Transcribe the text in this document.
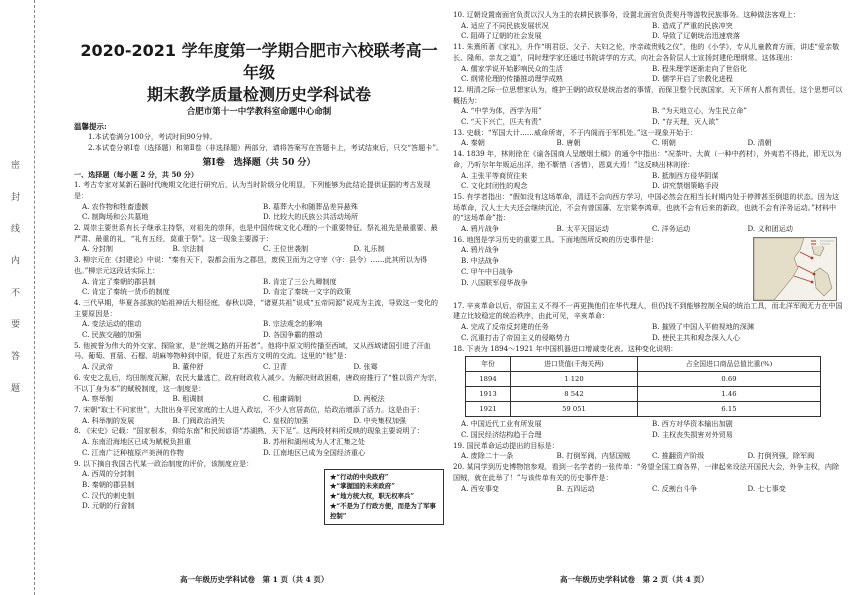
密 封 线 内 不 要 答 题
2020-2021 学年度第一学期合肥市六校联考高一年级
期末教学质量检测历史学科试卷
合肥市第十一中学教科室命题中心命制
温馨提示:
1.本试卷满分100分，考试时间90分钟。
2.本试卷分第Ⅰ卷（选择题）和第Ⅱ卷（非选择题）两部分，请将答案写在答题卡上，考试结束后，只交“答题卡”。
第Ⅰ卷　选择题（共 50 分）
一、选择题（每小题 2 分，共 50 分）
1. 考古专家对某新石器时代晚期文化进行研究后，认为当时阶级分化明显，下列能够为此结论提供证据的考古发现是：
A. 农作物和牲畜遗骸	B. 墓葬大小和随葬品差异悬殊
C. 制陶场和公共墓地	D. 比较大的氏族公共活动场所
2. 周崇主要世系有长子继承主持祭，对祖先的崇拜，也是中国传统文化心理的一个重要特征。祭礼祖先是最重要、最严肃、最重的礼，“礼有五经，莫重于祭”。这一现象主要源于：
A. 分封制	B. 宗法制	C. 王位世袭制	D. 礼乐制
3. 柳宗元在《封建论》中说：“秦有天下，裂都会而为之郡邑，废侯卫而为之守宰（守：县令）……此其所以为得也。”柳宗元这段话实际上：
A. 肯定了秦朝的郡县制	B. 肯定了三公九卿制度
C. 肯定了秦统一货币的制度	D. 肯定了秦统一文字的政策
4. 三代早期，华夏各部族的始祖神话大相径庭，春秋以降，“诸夏共祖”说成“五帝同源”说成为主流，导致这一变化的主要原因是：
A. 变法运动的推动	B. 宗法观念的影响
C. 民族交融的加强	D. 各国争霸的推动
5. 他被誉为伟大的外交家、探险家，是“丝绸之路的开拓者”。他将中原文明传播至西域，又从西域诸国引进了汗血马、葡萄、苜蓿、石榴、胡麻等物种到中原，促进了东西方文明的交流。这里的“他”是：
A. 汉武帝	B. 董仲舒	C. 卫青	D. 张骞
6. 安史之乱后，均田制度瓦解，农民大量逃亡，政府财政收入减少。为解决财政困难，唐政府推行了“惟以资产为宗，不以丁身为本”的赋税制度，这一制度是：
A. 察举制	B. 租调制	C. 租庸调制	D. 两税法
7. 宋朝“取士不问家世”，大批出身平民家庭的士人进入政坛，不少人官居高位，给政治增添了活力。这是由于：
A. 科举制的发展	B. 门阀政治消失	C. 皇权的加强	D. 中央集权加强
8. 《宋史》记载：“国家根本，仰给东南”和民间谚语“苏湖熟，天下足”。这两段材料所反映的现象主要说明了：
A. 东南沿海地区已成为赋税负担重	B. 苏州和湖州成为人才汇集之处
C. 江南广泛种植原产美洲的作物	D. 江南地区已成为全国经济重心
9. 以下摘自我国古代某一政治制度的评价，该制度应是：
A. 西周的分封制
B. 秦朝的郡县制
C. 汉代的刺史制
D. 元朝的行省制
★“行动的中央政府”
★“掌握国的未来政府”
★“地方统大权，职无权率兵”
★“不是为了行政方便，而是为了军事控制”
10. 辽朝设置南面官负责以汉人为主的农耕民族事务，设置北面官负责契丹等游牧民族事务。这种做法客观上：
A. 适应了不同民族发展状况	B. 造成了严重的民族冲突
C. 阻碍了辽朝的社会发展	D. 导致了辽朝统治迅速衰落
11. 朱熹所著《家礼》，升作“明君臣、父子、夫妇之伦，序亲疏贵贱之仪”，他的《小学》，专从儿童教育方面，讲述“爱亲敬长、隆师、亲友之道”，同时理学家还通过书院讲学的方式，向社会各阶层人士宣扬封建伦理纲常。这体现出：
A. 儒家学说开始影响民众的生活	B. 程朱理学逐渐走向了世俗化
C. 纲常伦理的传播推动理学成熟	D. 儒学开启了宗教化进程
12. 明清之际一位思想家认为，维护王朝的政权是统治者的事情，而保卫整个民族国家，天下所有人都有责任，这个思想可以概括为：
A. “中学为体，西学为用”	B. “为天地立心，为生民立命”
C. “天下兴亡，匹夫有责”	D. “存天理，灭人欲”
13. 史载：“军国大计……威命所寄，不于内阁而于军机处。”这一现象开始于：
A. 秦朝	B. 唐朝	C. 明朝	D. 清朝
14. 1839 年，林则徐在《谕各国商人呈缴烟土稿》的通令中指出：“况茶叶、大黄（一种中药材），外夷若不得此，即无以为命，乃听尔年年贩运出洋，绝不靳惜（吝惜），恩莫大焉！”这反映出林则徐：
A. 主张平等商贸往来	B. 抵制西方侵华阴谋
C. 文化封闭性的观念	D. 讲究禁烟策略手段
15. 有学者指出：“假如没有这场革命，清廷不会向西方学习，中国必然会在相当长时期内处于停滞甚至倒退的状态。因为这场革命，汉人士大夫还会继续沉沦，不会有曾国藩、左宗棠李鸿章，也就不会有后来的新政，也就不会有洋务运动。”材料中的“这场革命”指：
A. 鸦片战争	B. 太平天国运动	C. 洋务运动	D. 义和团运动
16. 地图是学习历史的重要工具。下面地图所反映的历史事件是：
A. 鸦片战争
B. 中法战争
C. 甲午中日战争
D. 八国联军侵华战争
17. 辛亥革命以后，帝国主义不得不一再更换他们在华代理人，但仍找不到能够控制全局的统治工具，而北洋军阀无力在中国建立比较稳定的统治秩序，由此可见，辛亥革命：
A. 完成了反帝反封建的任务	B. 摧毁了中国人平俯视地的深渊
C. 沉重打击了帝国主义的侵略势力	D. 使民主共和观念深入人心
18. 下表为 1894～1921 年中国机器进口增减变化表。这种变化说明：
年份	进口货值(千海关两)	占全国进口商品总值比重(%)
1894	1 120	0.69
1913	8 542	1.46
1921	59 051	6.15
A. 中国近代工业有所发展	B. 西方对华资本输出加剧
C. 国民经济结构趋于合理	D. 主权丧失损害对外贸易
19. 国民革命运动提出的目标是：
A. 废除二十一条	B. 打倒军阀，内惩国贼	C. 推翻资产阶级	D. 打倒列强，除军阀
20. 某同学到历史博物馆参观，看到一名学者的一张传单：“务望全国工商各界，一律起来设法开国民大会，外争主权，内除国贼，就在此举了！”与该传单有关的历史事件是：
A. 西安事变	B. 五四运动	C. 反割台斗争	D. 七七事变
高一年级历史学科试卷　第 1 页（共 4 页）	高一年级历史学科试卷　第 2 页（共 4 页）
